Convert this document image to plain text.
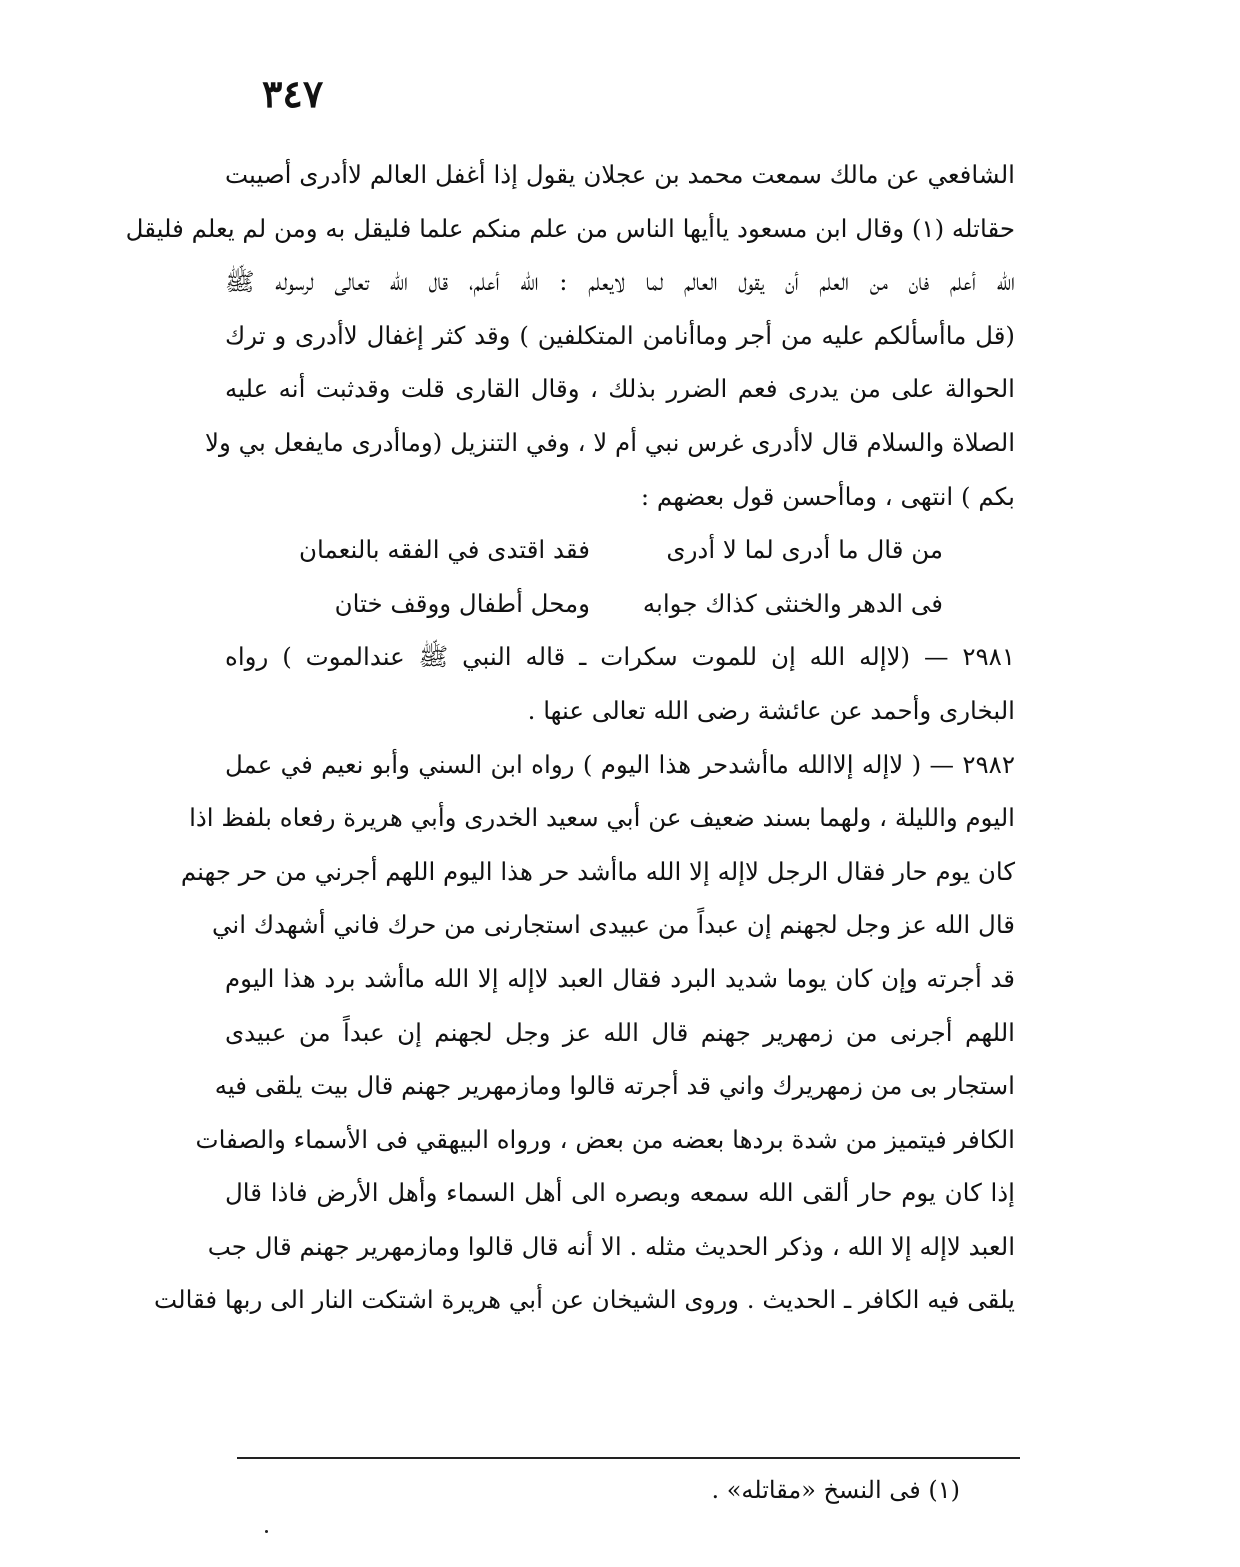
٣٤٧
الشافعي عن مالك سمعت محمد بن عجلان يقول إذا أغفل العالم لاأدرى أصيبت
حقاتله (١) وقال ابن مسعود ياأيها الناس من علم منكم علما فليقل به ومن لم يعلم فليقل
الله أعلم فان من العلم أن يقول العالم لما لايعلم : الله أعلم، قال الله تعالى لرسوله ﷺ
(قل ماأسألكم عليه من أجر وماأنامن المتكلفين ) وقد كثر إغفال لاأدرى و ترك
الحوالة على من يدرى فعم الضرر بذلك ، وقال القارى قلت وقدثبت أنه عليه
الصلاة والسلام قال لاأدرى غرس نبي أم لا ، وفي التنزيل (وماأدرى مايفعل بي ولا
بكم ) انتهى ، وماأحسن قول بعضهم :
من قال ما أدرى لما لا أدرى
فقد اقتدى في الفقه بالنعمان
فى الدهر والخنثى كذاك جوابه
ومحل أطفال ووقف ختان
٢٩٨١ — (لاإله الله إن للموت سكرات ـ قاله النبي ﷺ عندالموت ) رواه
البخارى وأحمد عن عائشة رضى الله تعالى عنها .
٢٩٨٢ — ( لاإله إلاالله ماأشدحر هذا اليوم ) رواه ابن السني وأبو نعيم في عمل
اليوم والليلة ، ولهما بسند ضعيف عن أبي سعيد الخدرى وأبي هريرة رفعاه بلفظ اذا
كان يوم حار فقال الرجل لاإله إلا الله ماأشد حر هذا اليوم اللهم أجرني من حر جهنم
قال الله عز وجل لجهنم إن عبداً من عبيدى استجارنى من حرك فاني أشهدك اني
قد أجرته وإن كان يوما شديد البرد فقال العبد لاإله إلا الله ماأشد برد هذا اليوم
اللهم أجرنى من زمهرير جهنم قال الله عز وجل لجهنم إن عبداً من عبيدى
استجار بى من زمهريرك واني قد أجرته قالوا ومازمهرير جهنم قال بيت يلقى فيه
الكافر فيتميز من شدة بردها بعضه من بعض ، ورواه البيهقي فى الأسماء والصفات
إذا كان يوم حار ألقى الله سمعه وبصره الى أهل السماء وأهل الأرض فاذا قال
العبد لاإله إلا الله ، وذكر الحديث مثله . الا أنه قال قالوا ومازمهرير جهنم قال جب
يلقى فيه الكافر ـ الحديث . وروى الشيخان عن أبي هريرة اشتكت النار الى ربها فقالت
(١) فى النسخ «مقاتله» .
